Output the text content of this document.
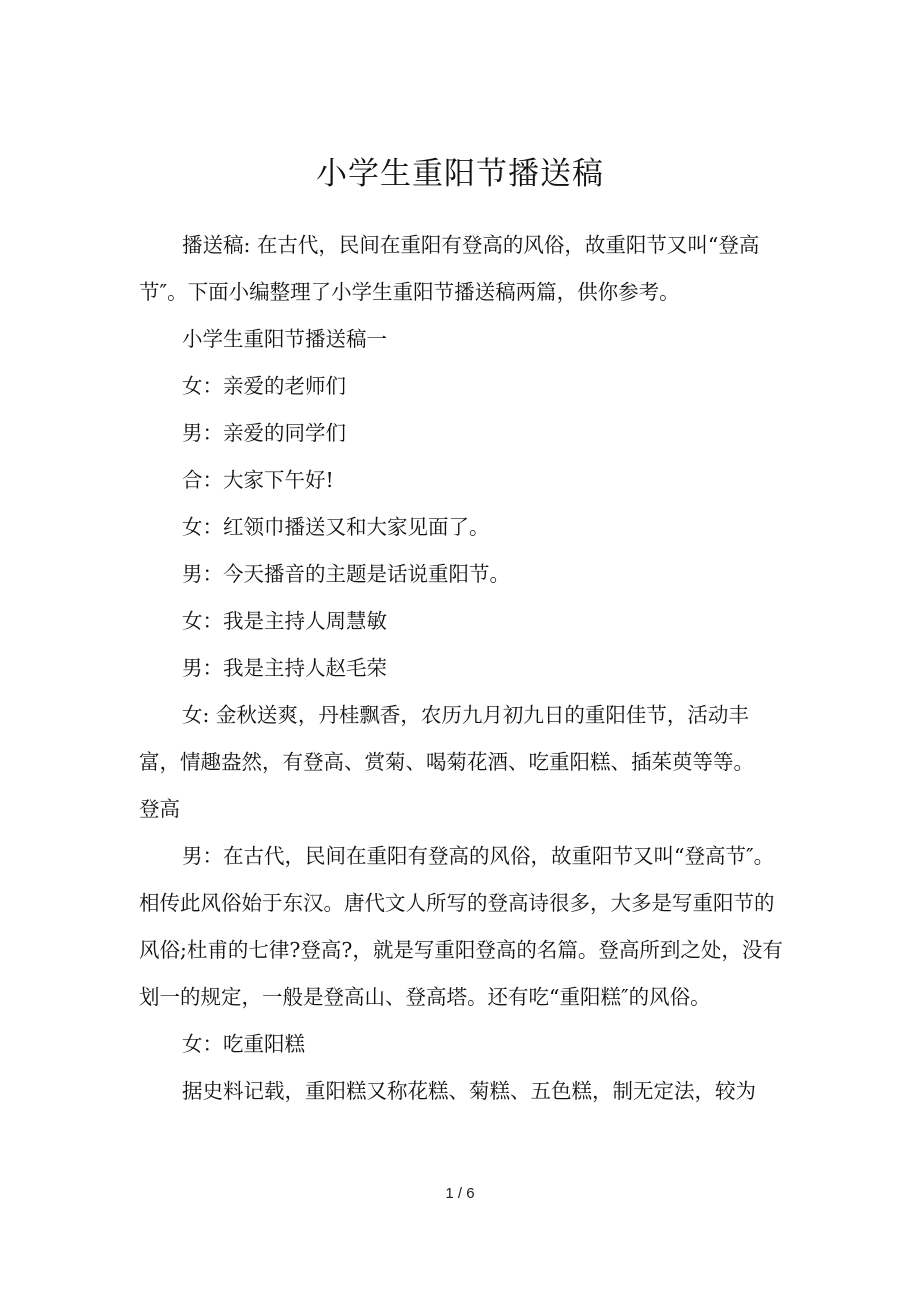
小学生重阳节播送稿

播送稿: 在古代，民间在重阳有登高的风俗，故重阳节又叫“登高节″。下面小编整理了小学生重阳节播送稿两篇，供你参考。

小学生重阳节播送稿一

女：亲爱的老师们

男：亲爱的同学们

合：大家下午好!

女：红领巾播送又和大家见面了。

男：今天播音的主题是话说重阳节。

女：我是主持人周慧敏

男：我是主持人赵毛荣

女: 金秋送爽，丹桂飘香，农历九月初九日的重阳佳节，活动丰富，情趣盎然，有登高、赏菊、喝菊花酒、吃重阳糕、插茱萸等等。

登高

男：在古代，民间在重阳有登高的风俗，故重阳节又叫“登高节″。相传此风俗始于东汉。唐代文人所写的登高诗很多，大多是写重阳节的风俗;杜甫的七律?登高?，就是写重阳登高的名篇。登高所到之处，没有划一的规定，一般是登高山、登高塔。还有吃“重阳糕″的风俗。

女：吃重阳糕

据史料记载，重阳糕又称花糕、菊糕、五色糕，制无定法，较为

1 / 6
